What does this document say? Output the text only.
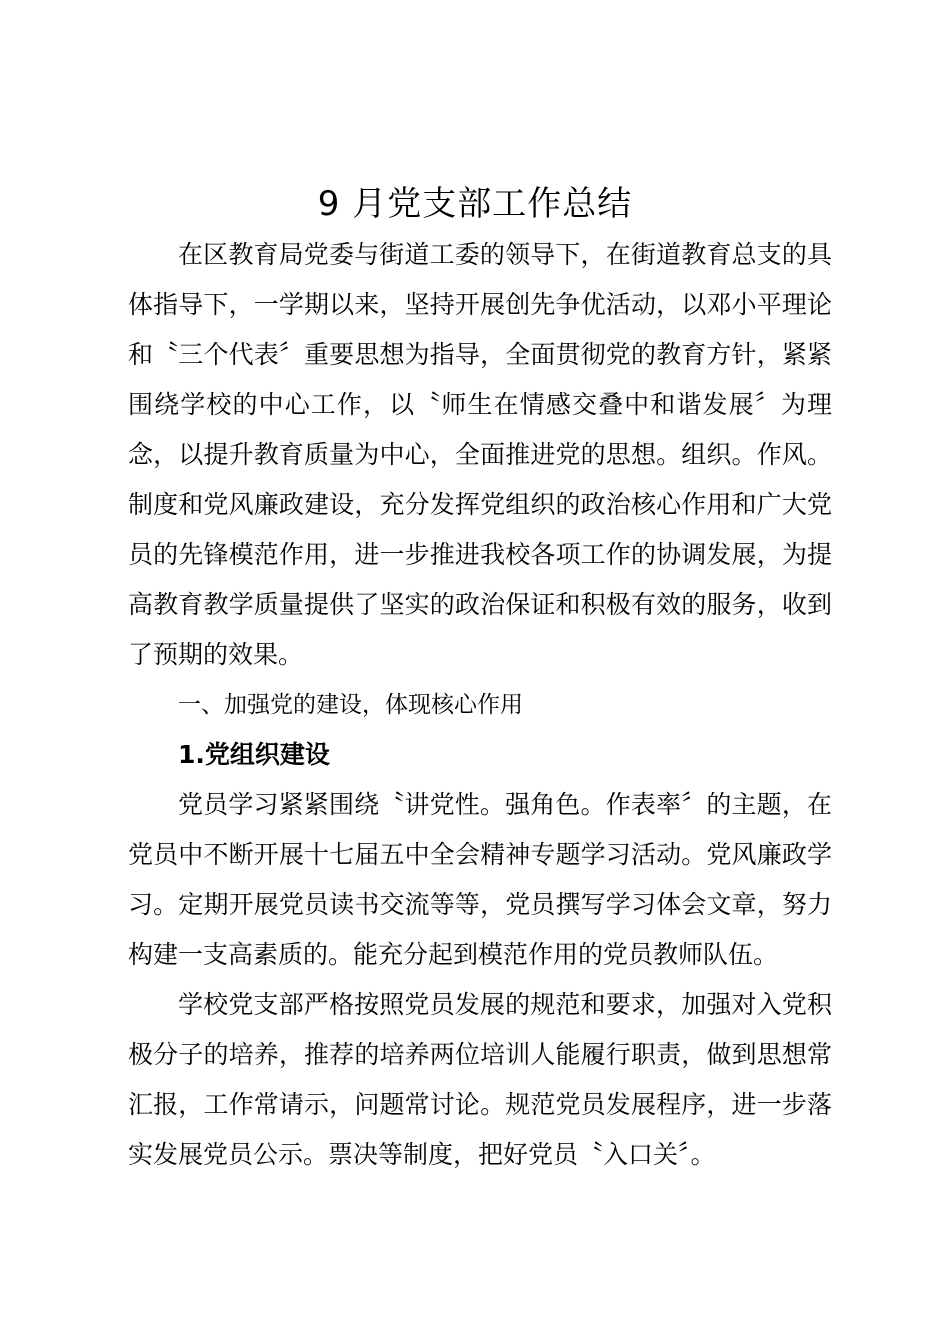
9 月党支部工作总结

在区教育局党委与街道工委的领导下，在街道教育总支的具体指导下，一学期以来，坚持开展创先争优活动，以邓小平理论和〝三个代表〞重要思想为指导，全面贯彻党的教育方针，紧紧围绕学校的中心工作，以〝师生在情感交叠中和谐发展〞为理念，以提升教育质量为中心，全面推进党的思想。组织。作风。制度和党风廉政建设，充分发挥党组织的政治核心作用和广大党员的先锋模范作用，进一步推进我校各项工作的协调发展，为提高教育教学质量提供了坚实的政治保证和积极有效的服务，收到了预期的效果。

一、加强党的建设，体现核心作用

1.党组织建设

党员学习紧紧围绕〝讲党性。强角色。作表率〞的主题，在党员中不断开展十七届五中全会精神专题学习活动。党风廉政学习。定期开展党员读书交流等等，党员撰写学习体会文章，努力构建一支高素质的。能充分起到模范作用的党员教师队伍。

学校党支部严格按照党员发展的规范和要求，加强对入党积极分子的培养，推荐的培养两位培训人能履行职责，做到思想常汇报，工作常请示，问题常讨论。规范党员发展程序，进一步落实发展党员公示。票决等制度，把好党员〝入口关〞。
